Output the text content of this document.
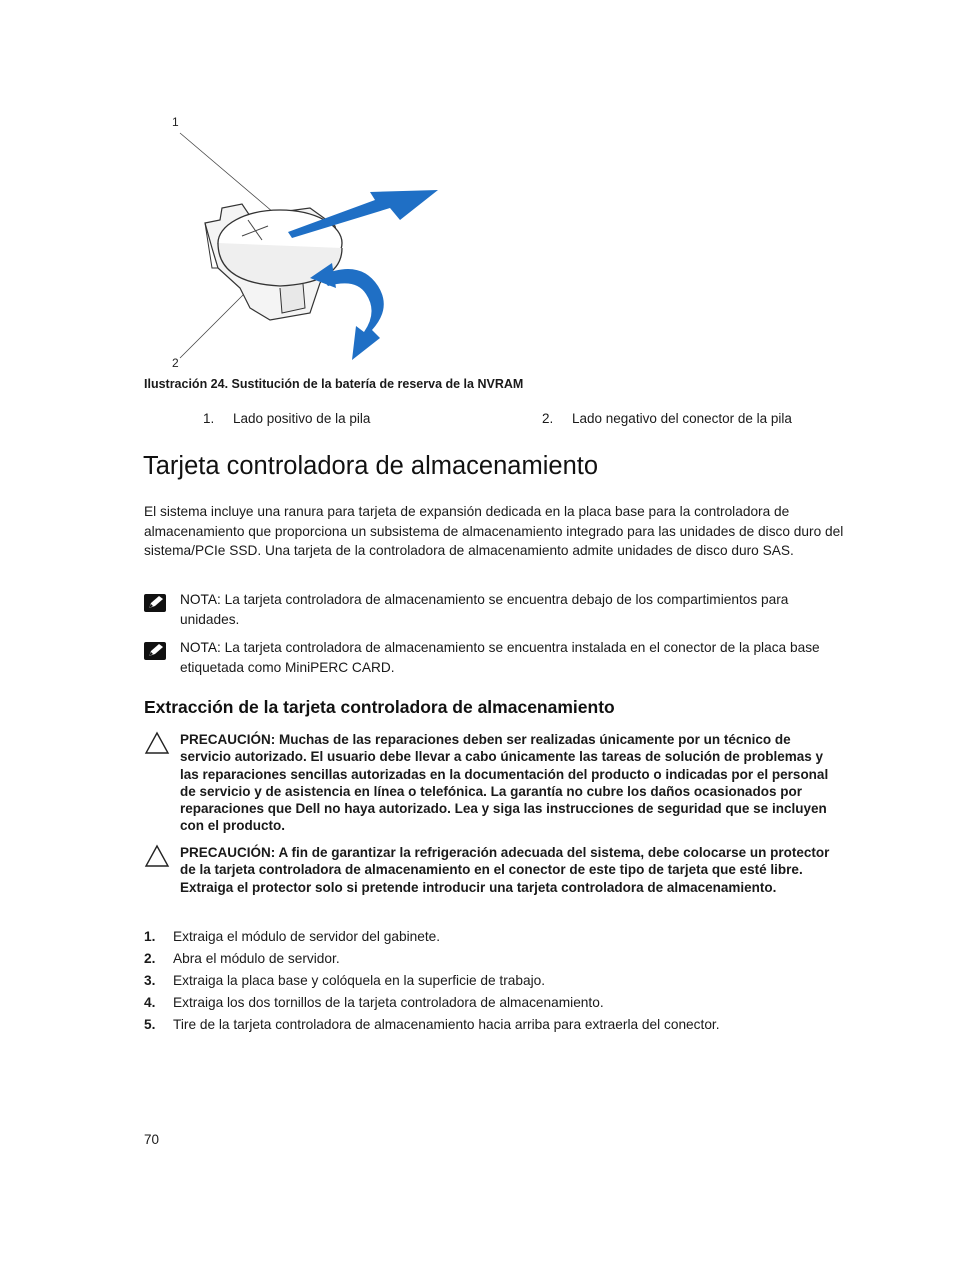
1
2
Ilustración 24. Sustitución de la batería de reserva de la NVRAM
1. Lado positivo de la pila	2. Lado negativo del conector de la pila
Tarjeta controladora de almacenamiento

El sistema incluye una ranura para tarjeta de expansión dedicada en la placa base para la controladora de almacenamiento que proporciona un subsistema de almacenamiento integrado para las unidades de disco duro del sistema/PCIe SSD. Una tarjeta de la controladora de almacenamiento admite unidades de disco duro SAS.

NOTA: La tarjeta controladora de almacenamiento se encuentra debajo de los compartimientos para unidades.

NOTA: La tarjeta controladora de almacenamiento se encuentra instalada en el conector de la placa base etiquetada como MiniPERC CARD.

Extracción de la tarjeta controladora de almacenamiento

PRECAUCIÓN: Muchas de las reparaciones deben ser realizadas únicamente por un técnico de servicio autorizado. El usuario debe llevar a cabo únicamente las tareas de solución de problemas y las reparaciones sencillas autorizadas en la documentación del producto o indicadas por el personal de servicio y de asistencia en línea o telefónica. La garantía no cubre los daños ocasionados por reparaciones que Dell no haya autorizado. Lea y siga las instrucciones de seguridad que se incluyen con el producto.

PRECAUCIÓN: A fin de garantizar la refrigeración adecuada del sistema, debe colocarse un protector de la tarjeta controladora de almacenamiento en el conector de este tipo de tarjeta que esté libre. Extraiga el protector solo si pretende introducir una tarjeta controladora de almacenamiento.

1. Extraiga el módulo de servidor del gabinete.
2. Abra el módulo de servidor.
3. Extraiga la placa base y colóquela en la superficie de trabajo.
4. Extraiga los dos tornillos de la tarjeta controladora de almacenamiento.
5. Tire de la tarjeta controladora de almacenamiento hacia arriba para extraerla del conector.
70
